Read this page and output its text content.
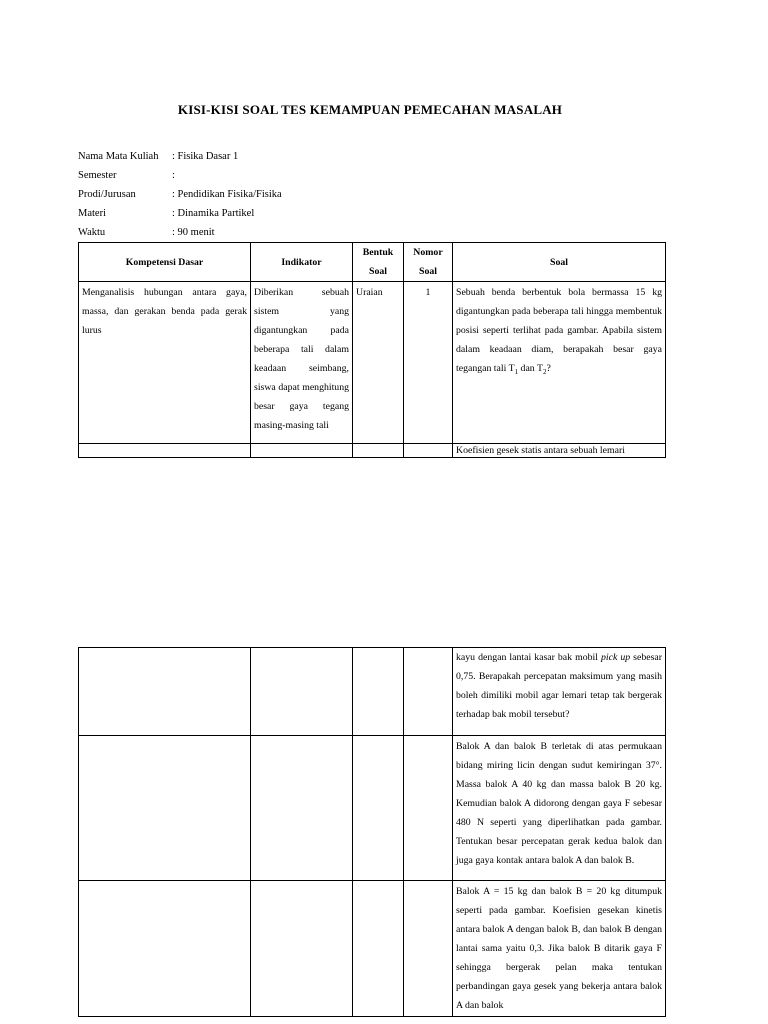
KISI-KISI SOAL TES KEMAMPUAN PEMECAHAN MASALAH
Nama Mata Kuliah	: Fisika Dasar 1
Semester	:
Prodi/Jurusan	: Pendidikan Fisika/Fisika
Materi	: Dinamika Partikel
Waktu	: 90 menit
Kompetensi Dasar	Indikator	Bentuk Soal	Nomor Soal	Soal
Menganalisis hubungan antara gaya, massa, dan gerakan benda pada gerak lurus	Diberikan sebuah sistem yang digantungkan pada beberapa tali dalam keadaan seimbang, siswa dapat menghitung besar gaya tegang masing-masing tali	Uraian	1	Sebuah benda berbentuk bola bermassa 15 kg digantungkan pada beberapa tali hingga membentuk posisi seperti terlihat pada gambar. Apabila sistem dalam keadaan diam, berapakah besar gaya tegangan tali $T_1$ dan $T_2$?
				Koefisien gesek statis antara sebuah lemari
				kayu dengan lantai kasar bak mobil pick up sebesar 0,75. Berapakah percepatan maksimum yang masih boleh dimiliki mobil agar lemari tetap tak bergerak terhadap bak mobil tersebut?
				Balok A dan balok B terletak di atas permukaan bidang miring licin dengan sudut kemiringan 37°. Massa balok A 40 kg dan massa balok B 20 kg. Kemudian balok A didorong dengan gaya F sebesar 480 N seperti yang diperlihatkan pada gambar. Tentukan besar percepatan gerak kedua balok dan juga gaya kontak antara balok A dan balok B.
				Balok A = 15 kg dan balok B = 20 kg ditumpuk seperti pada gambar. Koefisien gesekan kinetis antara balok A dengan balok B, dan balok B dengan lantai sama yaitu 0,3. Jika balok B ditarik gaya F sehingga bergerak pelan maka tentukan perbandingan gaya gesek yang bekerja antara balok A dan balok
